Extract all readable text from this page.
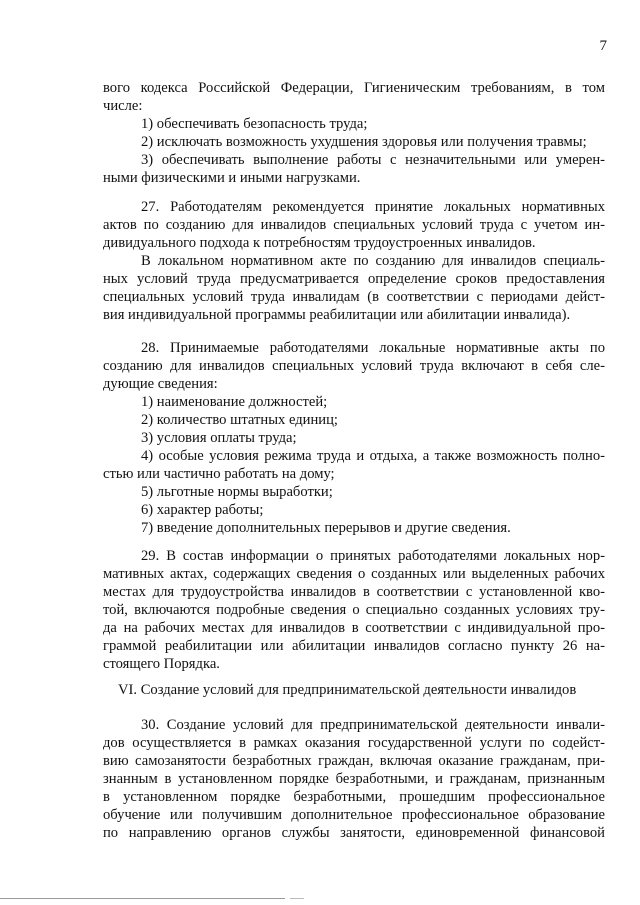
7
вого кодекса Российской Федерации, Гигиеническим требованиям, в том
числе:
1) обеспечивать безопасность труда;
2) исключать возможность ухудшения здоровья или получения травмы;
3) обеспечивать выполнение работы с незначительными или умерен-
ными физическими и иными нагрузками.
27. Работодателям рекомендуется принятие локальных нормативных
актов по созданию для инвалидов специальных условий труда с учетом ин-
дивидуального подхода к потребностям трудоустроенных инвалидов.
В локальном нормативном акте по созданию для инвалидов специаль-
ных условий труда предусматривается определение сроков предоставления
специальных условий труда инвалидам (в соответствии с периодами дейст-
вия индивидуальной программы реабилитации или абилитации инвалида).
28. Принимаемые работодателями локальные нормативные акты по
созданию для инвалидов специальных условий труда включают в себя сле-
дующие сведения:
1) наименование должностей;
2) количество штатных единиц;
3) условия оплаты труда;
4) особые условия режима труда и отдыха, а также возможность полно-
стью или частично работать на дому;
5) льготные нормы выработки;
6) характер работы;
7) введение дополнительных перерывов и другие сведения.
29. В состав информации о принятых работодателями локальных нор-
мативных актах, содержащих сведения о созданных или выделенных рабочих
местах для трудоустройства инвалидов в соответствии с установленной кво-
той, включаются подробные сведения о специально созданных условиях тру-
да на рабочих местах для инвалидов в соответствии с индивидуальной про-
граммой реабилитации или абилитации инвалидов согласно пункту 26 на-
стоящего Порядка.
VI. Создание условий для предпринимательской деятельности инвалидов
30. Создание условий для предпринимательской деятельности инвали-
дов осуществляется в рамках оказания государственной услуги по содейст-
вию самозанятости безработных граждан, включая оказание гражданам, при-
знанным в установленном порядке безработными, и гражданам, признанным
в установленном порядке безработными, прошедшим профессиональное
обучение или получившим дополнительное профессиональное образование
по направлению органов службы занятости, единовременной финансовой
